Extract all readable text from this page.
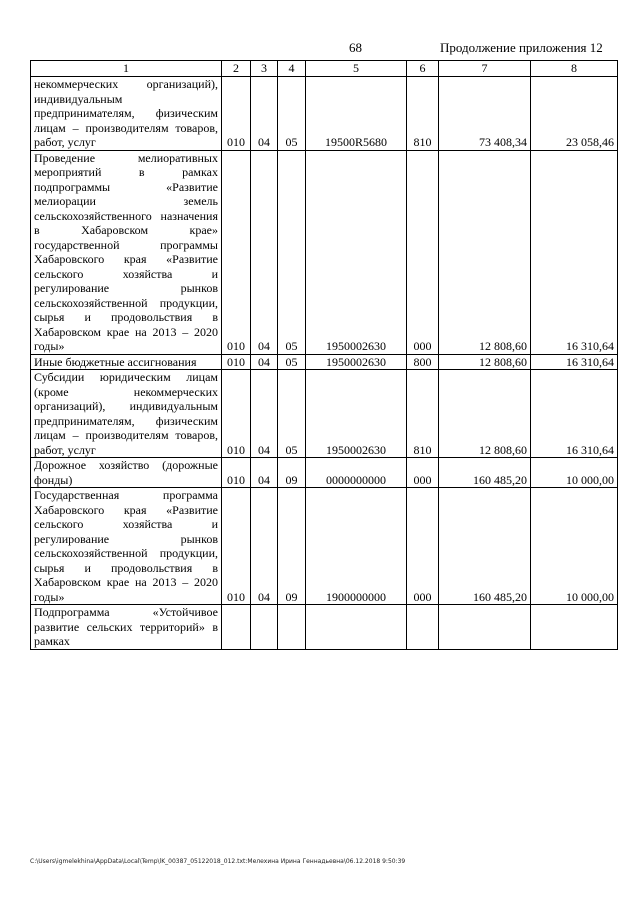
68	Продолжение приложения 12
1	2	3	4	5	6	7	8
некоммерческих организаций), индивидуальным предпринимателям, физическим лицам – производителям товаров, работ, услуг	010	04	05	19500R5680	810	73 408,34	23 058,46
Проведение мелиоративных мероприятий в рамках подпрограммы «Развитие мелиорации земель сельскохозяйственного назначения в Хабаровском крае» государственной программы Хабаровского края «Развитие сельского хозяйства и регулирование рынков сельскохозяйственной продукции, сырья и продовольствия в Хабаровском крае на 2013 – 2020 годы»	010	04	05	1950002630	000	12 808,60	16 310,64
Иные бюджетные ассигнования	010	04	05	1950002630	800	12 808,60	16 310,64
Субсидии юридическим лицам (кроме некоммерческих организаций), индивидуальным предпринимателям, физическим лицам – производителям товаров, работ, услуг	010	04	05	1950002630	810	12 808,60	16 310,64
Дорожное хозяйство (дорожные фонды)	010	04	09	0000000000	000	160 485,20	10 000,00
Государственная программа Хабаровского края «Развитие сельского хозяйства и регулирование рынков сельскохозяйственной продукции, сырья и продовольствия в Хабаровском крае на 2013 – 2020 годы»	010	04	09	1900000000	000	160 485,20	10 000,00
Подпрограмма «Устойчивое развитие сельских территорий» в рамках							
C:\Users\igmelekhina\AppData\Local\Temp\lK_00387_05122018_012.txt:Мелехина Ирина Геннадьевна\06.12.2018 9:50:39
